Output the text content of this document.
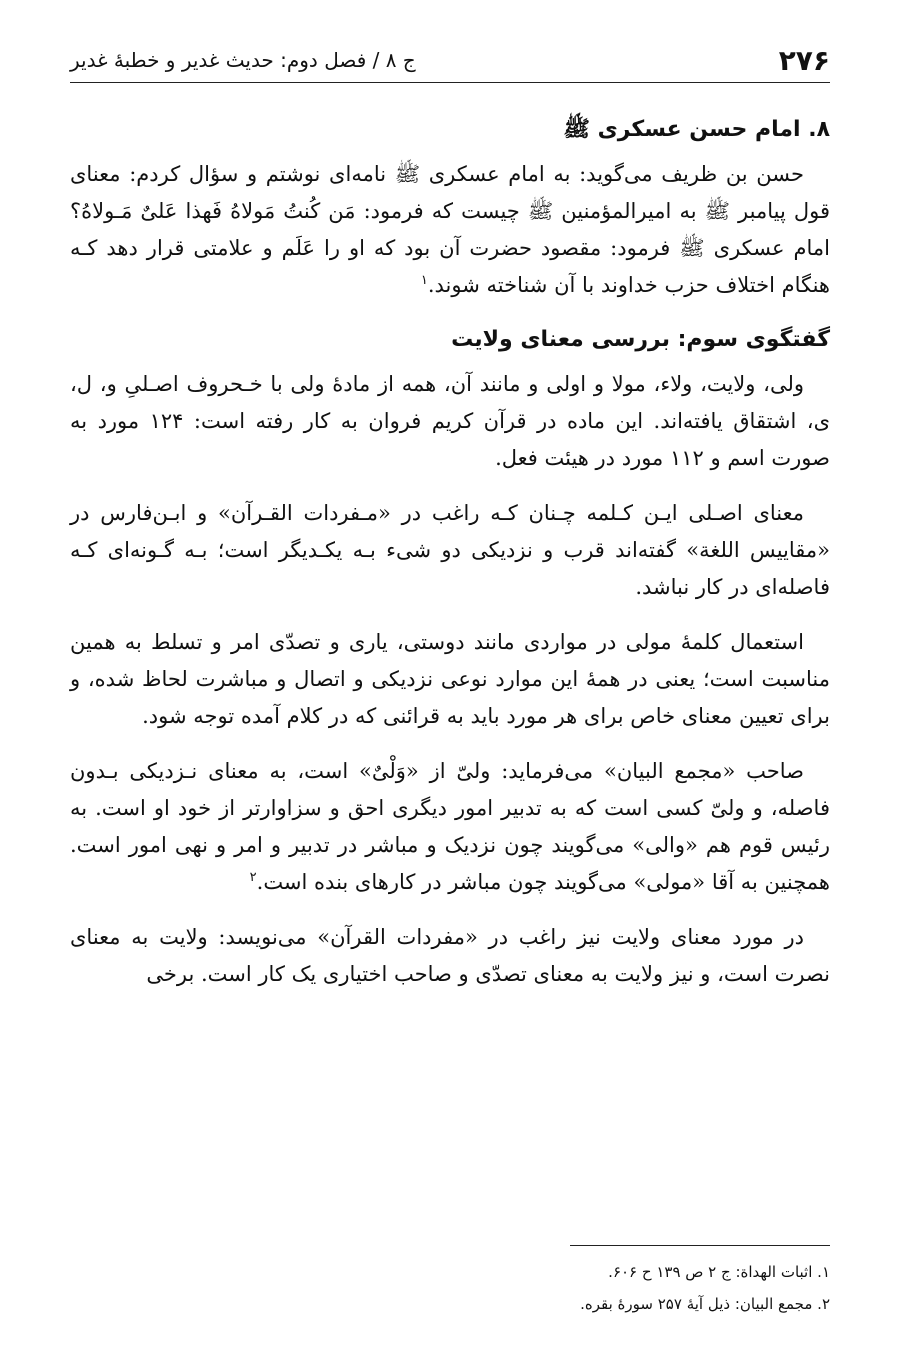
۲۷۶
ج ۸ / فصل دوم: حدیث غدیر و خطبهٔ غدیر
۸. امام حسن عسکری ﷺ

حسن بن ظریف می‌گوید: به امام عسکری ﷺ نامه‌ای نوشتم و سؤال کردم: معنای قول پیامبر ﷺ به امیرالمؤمنین ﷺ چیست که فرمود: مَن کُنتُ مَولاهُ فَهذا عَلیٌ مَـولاهُ؟ امام عسکری ﷺ فرمود: مقصود حضرت آن بود که او را عَلَم و علامتی قرار دهد کـه هنگام اختلاف حزب خداوند با آن شناخته شوند.$^۱$

گفتگوی سوم: بررسی معنای ولایت

ولی، ولایت، ولاء، مولا و اولی و مانند آن، همه از مادهٔ ولی با خـحروف اصـلیِ و، ل، ی، اشتقاق یافته‌اند. این ماده در قرآن کریم فروان به کار رفته است: ۱۲۴ مورد به صورت اسم و ۱۱۲ مورد در هیئت فعل.

معنای اصـلی ایـن کـلمه چـنان کـه راغب در «مـفردات القـرآن» و ابـن‌فارس در «مقاییس اللغة» گفته‌اند قرب و نزدیکی دو شیء بـه یکـدیگر است؛ بـه گـونه‌ای کـه فاصله‌ای در کار نباشد.

استعمال کلمهٔ مولی در مواردی مانند دوستی، یاری و تصدّی امر و تسلط به همین مناسبت است؛ یعنی در همهٔ این موارد نوعی نزدیکی و اتصال و مباشرت لحاظ شده، و برای تعیین معنای خاص برای هر مورد باید به قرائنی که در کلام آمده توجه شود.

صاحب «مجمع البیان» می‌فرماید: ولیّ از «وَلْیٌ» است، به معنای نـزدیکی بـدون فاصله، و ولیّ کسی است که به تدبیر امور دیگری احق و سزاوارتر از خود او است. به رئیس قوم هم «والی» می‌گویند چون نزدیک و مباشر در تدبیر و امر و نهی امور است. همچنین به آقا «مولی» می‌گویند چون مباشر در کارهای بنده است.$^۲$

در مورد معنای ولایت نیز راغب در «مفردات القرآن» می‌نویسد: ولایت به معنای نصرت است، و نیز ولایت به معنای تصدّی و صاحب اختیاری یک کار است. برخی

۱. اثبات الهداة: ج ۲ ص ۱۳۹ ح ۶۰۶.

۲. مجمع البیان: ذیل آیهٔ ۲۵۷ سورهٔ بقره.
